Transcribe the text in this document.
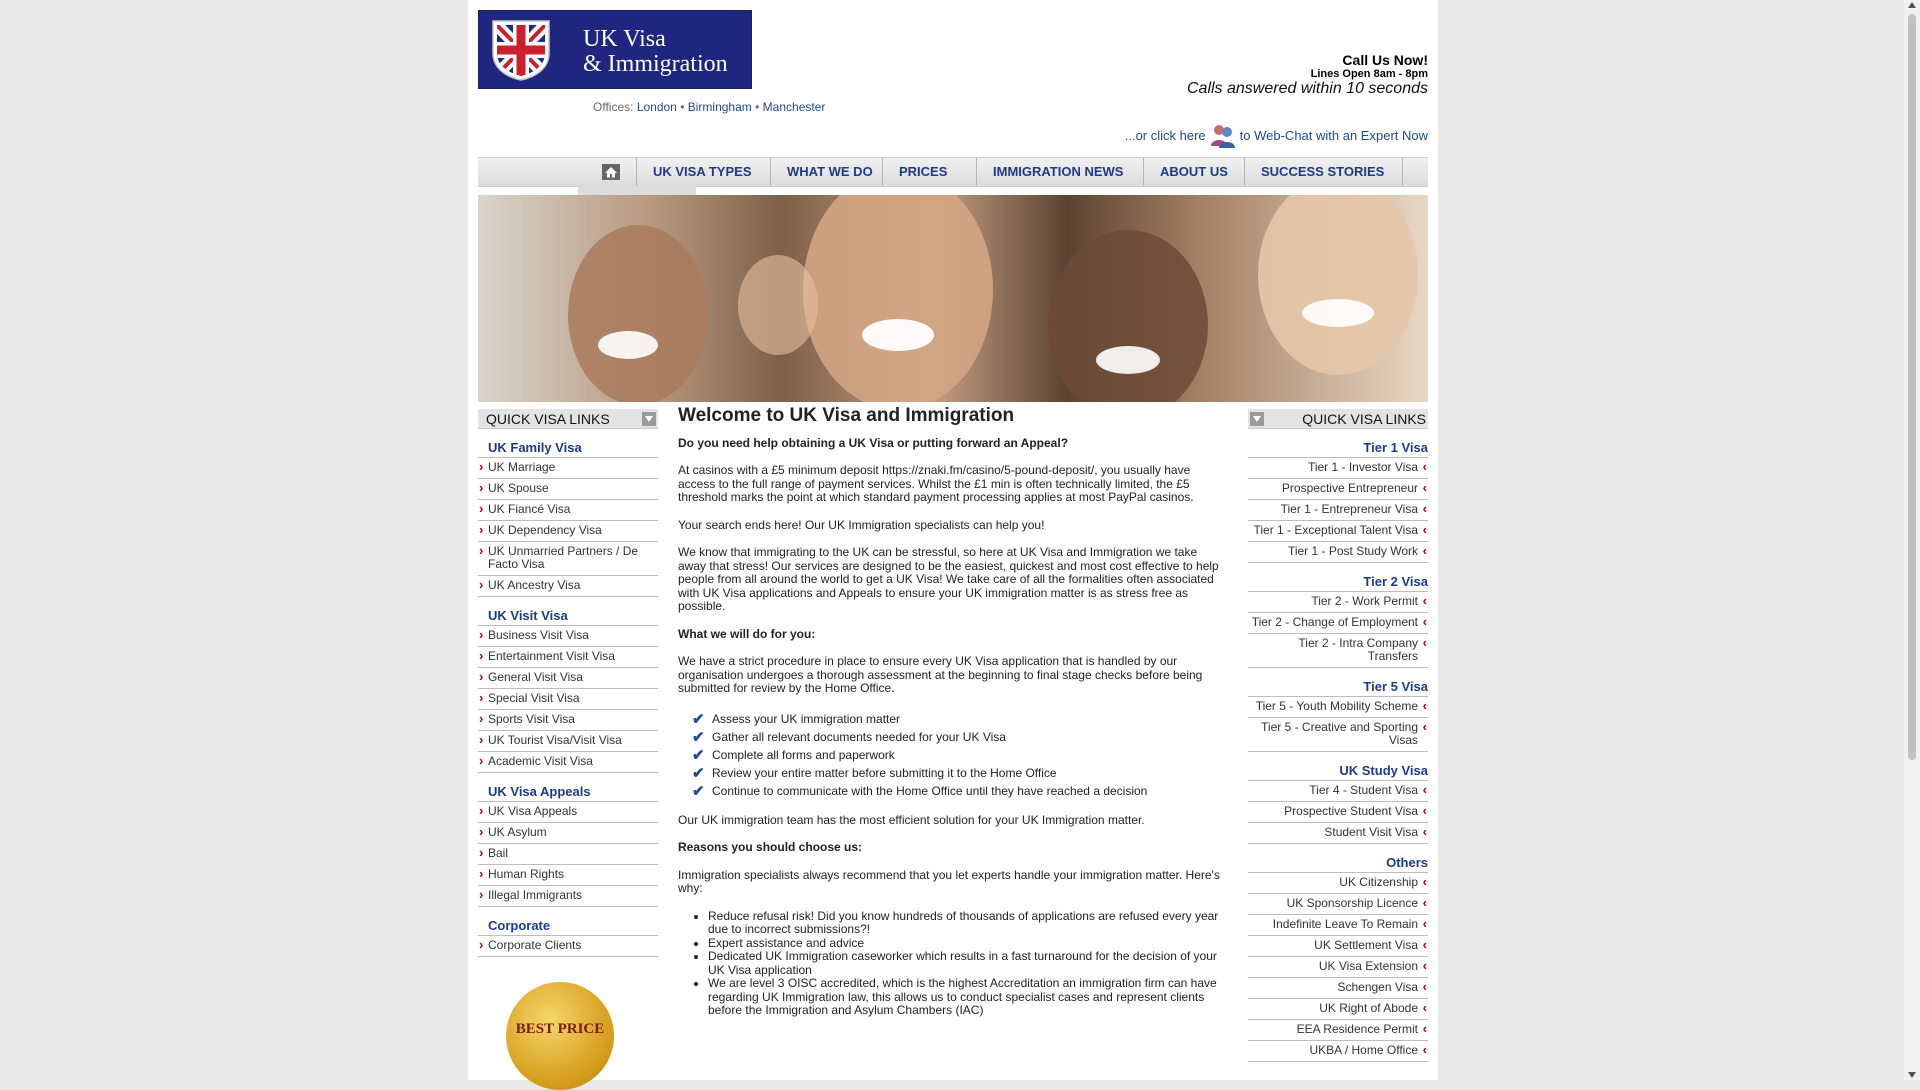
UK Visa
& Immigration
Offices: London • Birmingham • Manchester
Call Us Now!
Lines Open 8am - 8pm
Calls answered within 10 seconds
...or click here	to Web-Chat with an Expert Now
UK VISA TYPES	WHAT WE DO	PRICES	IMMIGRATION NEWS	ABOUT US	SUCCESS STORIES
QUICK VISA LINKS
UK Family Visa
› UK Marriage
› UK Spouse
› UK Fiancé Visa
› UK Dependency Visa
› UK Unmarried Partners / De Facto Visa
› UK Ancestry Visa
UK Visit Visa
› Business Visit Visa
› Entertainment Visit Visa
› General Visit Visa
› Special Visit Visa
› Sports Visit Visa
› UK Tourist Visa/Visit Visa
› Academic Visit Visa
UK Visa Appeals
› UK Visa Appeals
› UK Asylum
› Bail
› Human Rights
› Illegal Immigrants
Corporate
› Corporate Clients
BEST PRICE
Welcome to UK Visa and Immigration

Do you need help obtaining a UK Visa or putting forward an Appeal?

At casinos with a £5 minimum deposit https://znaki.fm/casino/5-pound-deposit/, you usually have access to the full range of payment services. Whilst the £1 min is often technically limited, the £5 threshold marks the point at which standard payment processing applies at most PayPal casinos.

Your search ends here! Our UK Immigration specialists can help you!

We know that immigrating to the UK can be stressful, so here at UK Visa and Immigration we take away that stress! Our services are designed to be the easiest, quickest and most cost effective to help people from all around the world to get a UK Visa! We take care of all the formalities often associated with UK Visa applications and Appeals to ensure your UK immigration matter is as stress free as possible.

What we will do for you:

We have a strict procedure in place to ensure every UK Visa application that is handled by our organisation undergoes a thorough assessment at the beginning to final stage checks before being submitted for review by the Home Office.

✔ Assess your UK immigration matter
✔ Gather all relevant documents needed for your UK Visa
✔ Complete all forms and paperwork
✔ Review your entire matter before submitting it to the Home Office
✔ Continue to communicate with the Home Office until they have reached a decision

Our UK immigration team has the most efficient solution for your UK Immigration matter.

Reasons you should choose us:

Immigration specialists always recommend that you let experts handle your immigration matter. Here's why:

• Reduce refusal risk! Did you know hundreds of thousands of applications are refused every year due to incorrect submissions?!
• Expert assistance and advice
• Dedicated UK Immigration caseworker which results in a fast turnaround for the decision of your UK Visa application
• We are level 3 OISC accredited, which is the highest Accreditation an immigration firm can have regarding UK Immigration law, this allows us to conduct specialist cases and represent clients before the Immigration and Asylum Chambers (IAC)
QUICK VISA LINKS
Tier 1 Visa
‹ Tier 1 - Investor Visa
‹ Prospective Entrepreneur
‹ Tier 1 - Entrepreneur Visa
‹ Tier 1 - Exceptional Talent Visa
‹ Tier 1 - Post Study Work
Tier 2 Visa
‹ Tier 2 - Work Permit
‹ Tier 2 - Change of Employment
‹ Tier 2 - Intra Company Transfers
Tier 5 Visa
‹ Tier 5 - Youth Mobility Scheme
‹ Tier 5 - Creative and Sporting Visas
UK Study Visa
‹ Tier 4 - Student Visa
‹ Prospective Student Visa
‹ Student Visit Visa
Others
‹ UK Citizenship
‹ UK Sponsorship Licence
‹ Indefinite Leave To Remain
‹ UK Settlement Visa
‹ UK Visa Extension
‹ Schengen Visa
‹ UK Right of Abode
‹ EEA Residence Permit
‹ UKBA / Home Office
